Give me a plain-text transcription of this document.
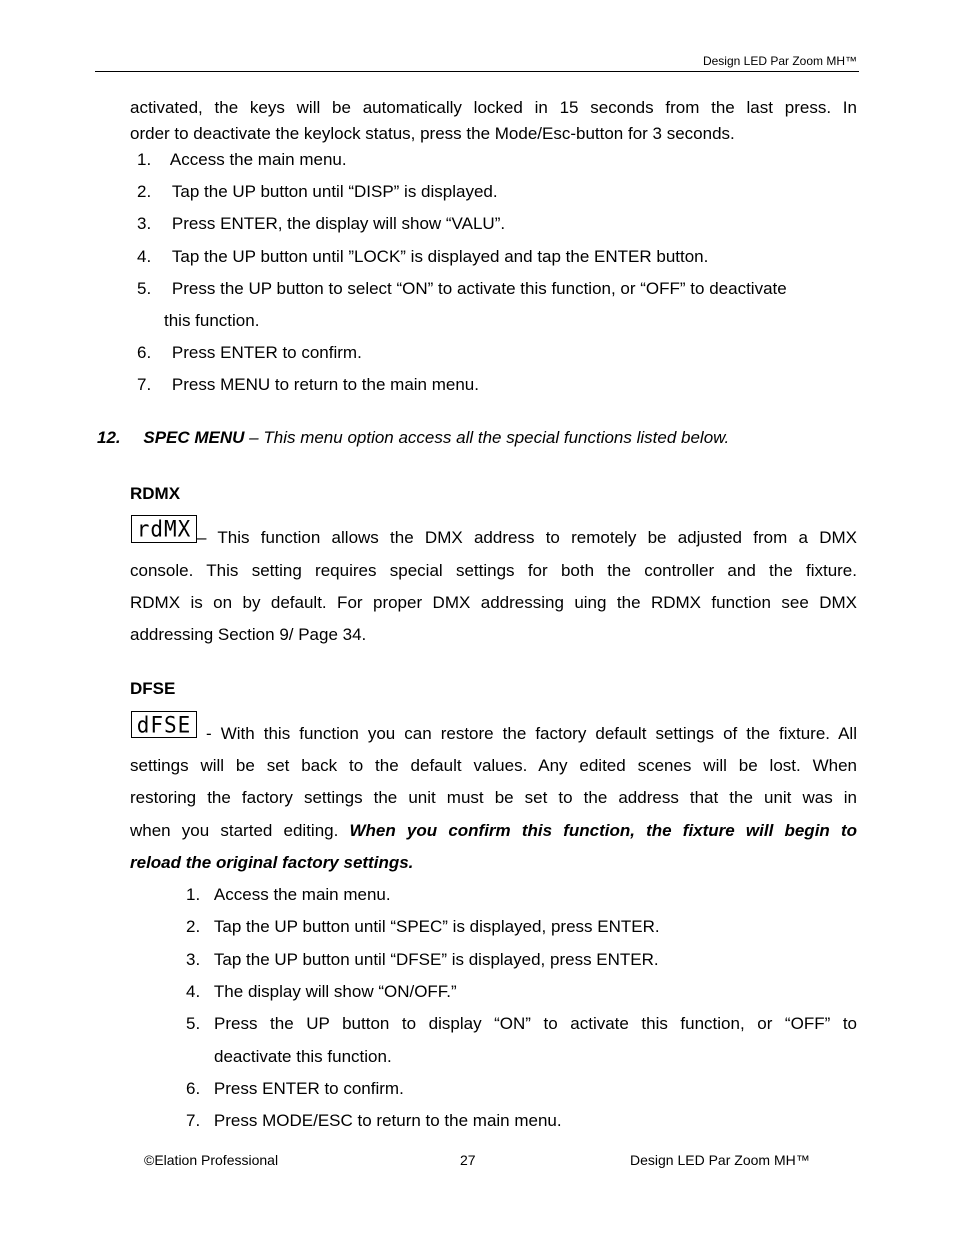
Design LED Par Zoom MH™
activated, the keys will be automatically locked in 15 seconds from the last press. In
order to deactivate the keylock status, press the Mode/Esc-button for 3 seconds.
1. Access the main menu.
2. Tap the UP button until “DISP” is displayed.
3. Press ENTER, the display will show “VALU”.
4. Tap the UP button until ”LOCK” is displayed and tap the ENTER button.
5. Press the UP button to select “ON” to activate this function, or “OFF” to deactivate
this function.
6. Press ENTER to confirm.
7. Press MENU to return to the main menu.
12. SPEC MENU – This menu option access all the special functions listed below.
RDMX
rdMX – This function allows the DMX address to remotely be adjusted from a DMX
console. This setting requires special settings for both the controller and the fixture.
RDMX is on by default. For proper DMX addressing uing the RDMX function see DMX
addressing Section 9/ Page 34.
DFSE
dFSE - With this function you can restore the factory default settings of the fixture. All
settings will be set back to the default values. Any edited scenes will be lost. When
restoring the factory settings the unit must be set to the address that the unit was in
when you started editing. When you confirm this function, the fixture will begin to
reload the original factory settings.
1. Access the main menu.
2. Tap the UP button until “SPEC” is displayed, press ENTER.
3. Tap the UP button until “DFSE” is displayed, press ENTER.
4. The display will show “ON/OFF.”
5. Press the UP button to display “ON” to activate this function, or “OFF” to
deactivate this function.
6. Press ENTER to confirm.
7. Press MODE/ESC to return to the main menu.
©Elation Professional	27	Design LED Par Zoom MH™
